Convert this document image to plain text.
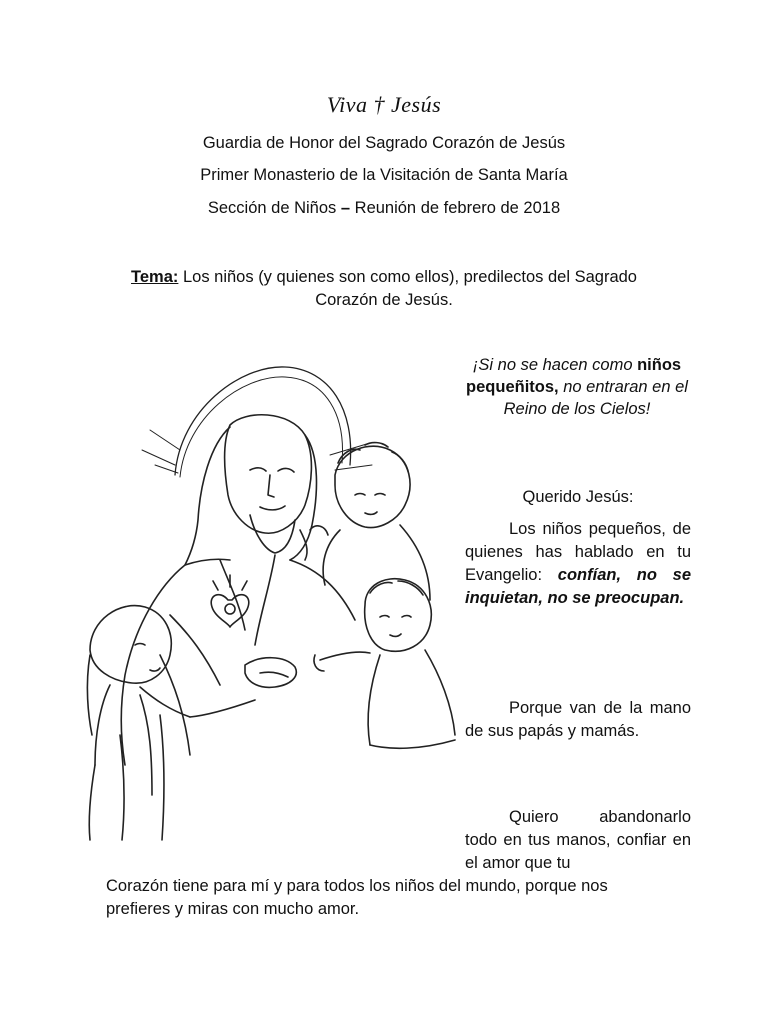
Viva † Jesús
Guardia de Honor del Sagrado Corazón de Jesús
Primer Monasterio de la Visitación de Santa María
Sección de Niños – Reunión de febrero de 2018
Tema: Los niños (y quienes son como ellos), predilectos del Sagrado Corazón de Jesús.
¡Si no se hacen como niños pequeñitos, no entraran en el Reino de los Cielos!
Querido Jesús:
Los niños pequeños, de quienes has hablado en tu Evangelio: confían, no se inquietan, no se preocupan.
Porque van de la mano de sus papás y mamás.
Quiero abandonarlo todo en tus manos, confiar en el amor que tu
Corazón tiene para mí y para todos los niños del mundo, porque nos prefieres y miras con mucho amor.
